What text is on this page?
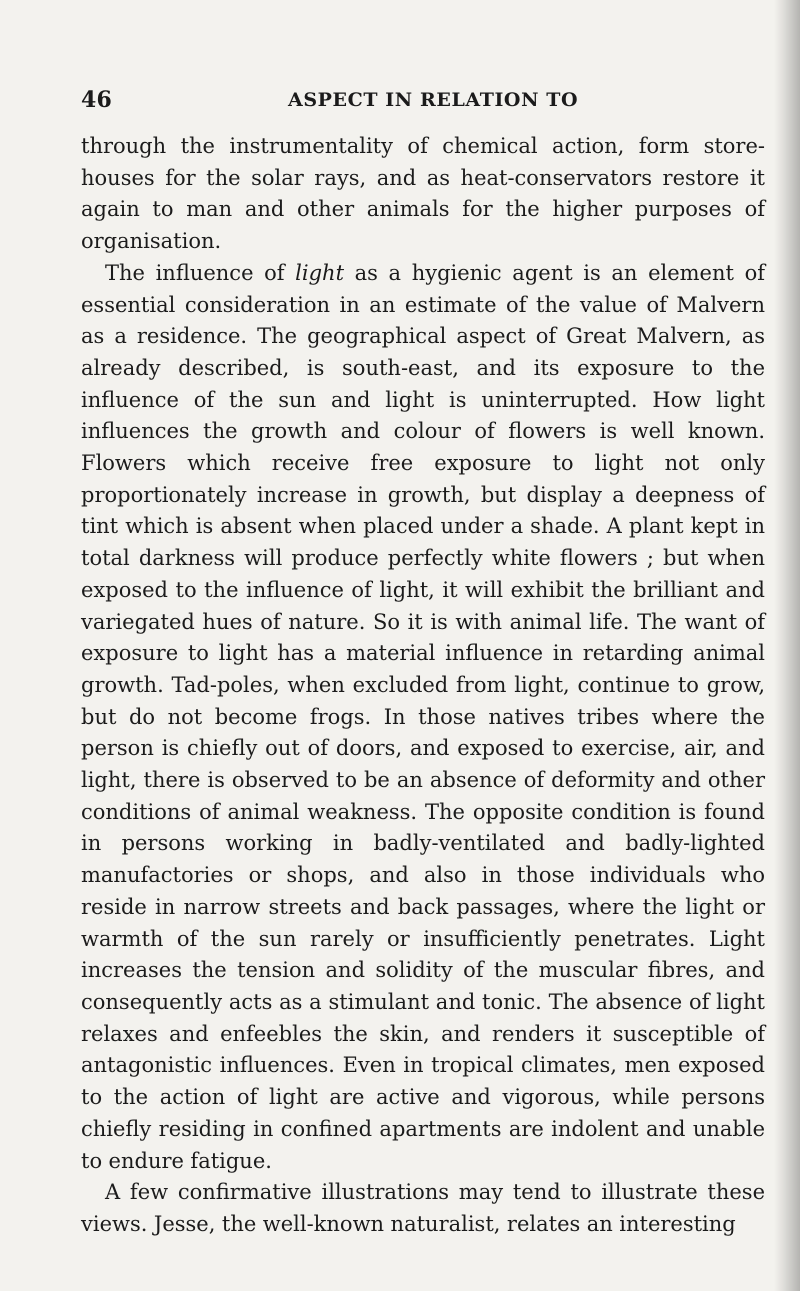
46	ASPECT IN RELATION TO

through the instrumentality of chemical action, form store-houses for the solar rays, and as heat-conservators restore it again to man and other animals for the higher purposes of organisation.

The influence of light as a hygienic agent is an element of essential consideration in an estimate of the value of Malvern as a residence. The geographical aspect of Great Malvern, as already described, is south-east, and its exposure to the influence of the sun and light is uninterrupted. How light influences the growth and colour of flowers is well known. Flowers which receive free exposure to light not only proportionately increase in growth, but display a deepness of tint which is absent when placed under a shade. A plant kept in total darkness will produce perfectly white flowers ; but when exposed to the influence of light, it will exhibit the brilliant and variegated hues of nature. So it is with animal life. The want of exposure to light has a material influence in retarding animal growth. Tad-poles, when excluded from light, continue to grow, but do not become frogs. In those natives tribes where the person is chiefly out of doors, and exposed to exercise, air, and light, there is observed to be an absence of deformity and other conditions of animal weakness. The opposite condition is found in persons working in badly-ventilated and badly-lighted manufactories or shops, and also in those individuals who reside in narrow streets and back passages, where the light or warmth of the sun rarely or insufficiently penetrates. Light increases the tension and solidity of the muscular fibres, and consequently acts as a stimulant and tonic. The absence of light relaxes and enfeebles the skin, and renders it susceptible of antagonistic influences. Even in tropical climates, men exposed to the action of light are active and vigorous, while persons chiefly residing in confined apartments are indolent and unable to endure fatigue.

A few confirmative illustrations may tend to illustrate these views. Jesse, the well-known naturalist, relates an interesting
